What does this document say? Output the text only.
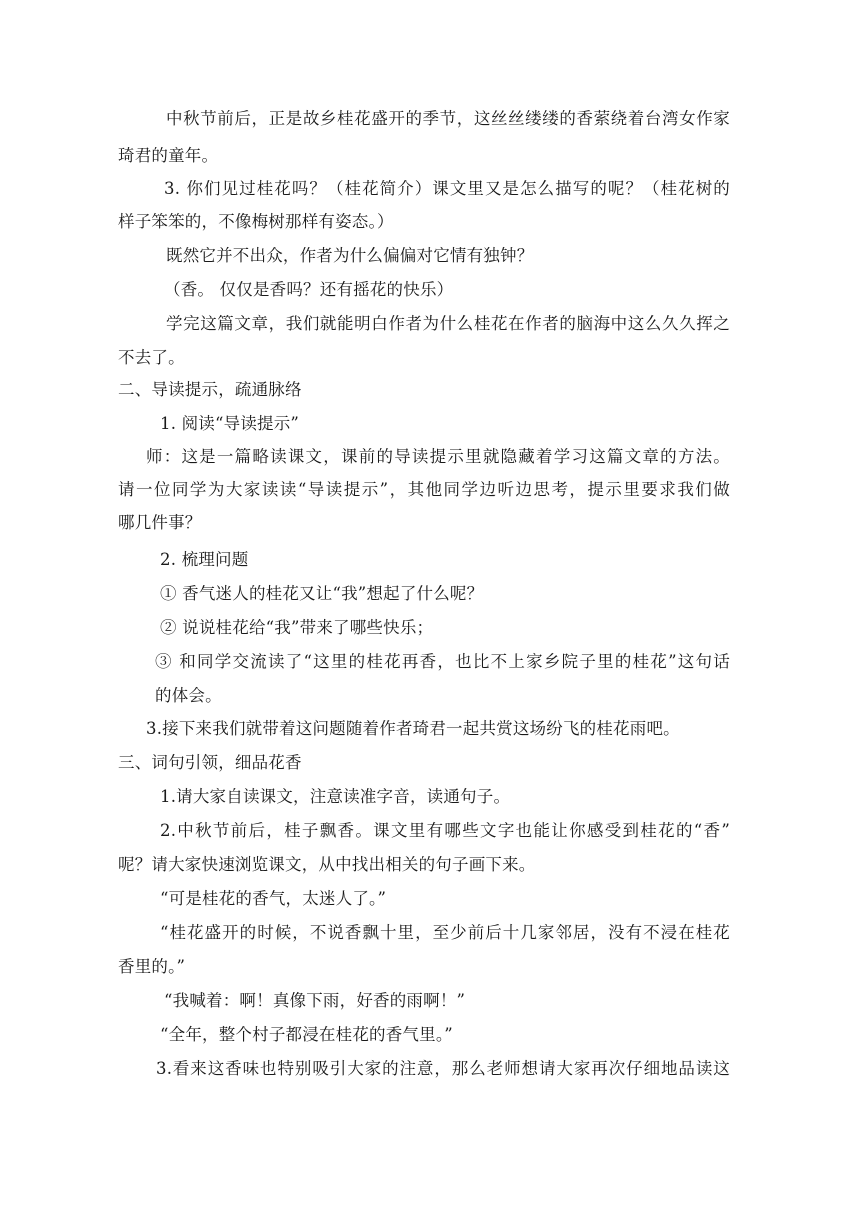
中秋节前后，正是故乡桂花盛开的季节，这丝丝缕缕的香萦绕着台湾女作家
琦君的童年。
3. 你们见过桂花吗？（桂花简介）课文里又是怎么描写的呢？（桂花树的
样子笨笨的，不像梅树那样有姿态。）
既然它并不出众，作者为什么偏偏对它情有独钟？
（香。 仅仅是香吗？还有摇花的快乐）
学完这篇文章，我们就能明白作者为什么桂花在作者的脑海中这么久久挥之
不去了。
二、导读提示，疏通脉络
1. 阅读“导读提示”
师：这是一篇略读课文，课前的导读提示里就隐藏着学习这篇文章的方法。
请一位同学为大家读读“导读提示”，其他同学边听边思考，提示里要求我们做
哪几件事？
2. 梳理问题
① 香气迷人的桂花又让“我”想起了什么呢？
② 说说桂花给“我”带来了哪些快乐；
③ 和同学交流读了“这里的桂花再香，也比不上家乡院子里的桂花”这句话
的体会。
3.接下来我们就带着这问题随着作者琦君一起共赏这场纷飞的桂花雨吧。
三、词句引领，细品花香
1.请大家自读课文，注意读准字音，读通句子。
2.中秋节前后，桂子飘香。课文里有哪些文字也能让你感受到桂花的“香”
呢？请大家快速浏览课文，从中找出相关的句子画下来。
“可是桂花的香气，太迷人了。”
“桂花盛开的时候，不说香飘十里，至少前后十几家邻居，没有不浸在桂花
香里的。”
“我喊着：啊！真像下雨，好香的雨啊！”
“全年，整个村子都浸在桂花的香气里。”
3.看来这香味也特别吸引大家的注意，那么老师想请大家再次仔细地品读这
